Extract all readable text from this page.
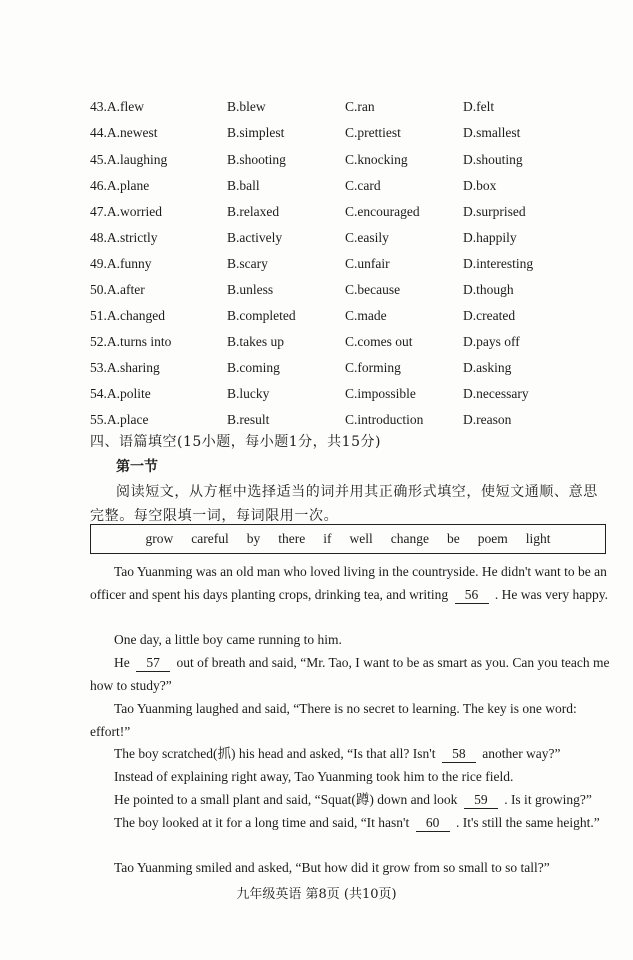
43.A.flew	B.blew	C.ran	D.felt
44.A.newest	B.simplest	C.prettiest	D.smallest
45.A.laughing	B.shooting	C.knocking	D.shouting
46.A.plane	B.ball	C.card	D.box
47.A.worried	B.relaxed	C.encouraged	D.surprised
48.A.strictly	B.actively	C.easily	D.happily
49.A.funny	B.scary	C.unfair	D.interesting
50.A.after	B.unless	C.because	D.though
51.A.changed	B.completed	C.made	D.created
52.A.turns into	B.takes up	C.comes out	D.pays off
53.A.sharing	B.coming	C.forming	D.asking
54.A.polite	B.lucky	C.impossible	D.necessary
55.A.place	B.result	C.introduction	D.reason
四、语篇填空(15小题，每小题1分，共15分)
第一节
阅读短文，从方框中选择适当的词并用其正确形式填空，使短文通顺、意思完整。每空限填一词，每词限用一次。
grow careful by there if well change be poem light
Tao Yuanming was an old man who loved living in the countryside. He didn't want to be an officer and spent his days planting crops, drinking tea, and writing 56 . He was very happy.
One day, a little boy came running to him.
He 57 out of breath and said, “Mr. Tao, I want to be as smart as you. Can you teach me how to study?”
Tao Yuanming laughed and said, “There is no secret to learning. The key is one word: effort!”
The boy scratched(抓) his head and asked, “Is that all? Isn't 58 another way?”
Instead of explaining right away, Tao Yuanming took him to the rice field.
He pointed to a small plant and said, “Squat(蹲) down and look 59 . Is it growing?”
The boy looked at it for a long time and said, “It hasn't 60 . It's still the same height.”
Tao Yuanming smiled and asked, “But how did it grow from so small to so tall?”
九年级英语 第8页 (共10页)
